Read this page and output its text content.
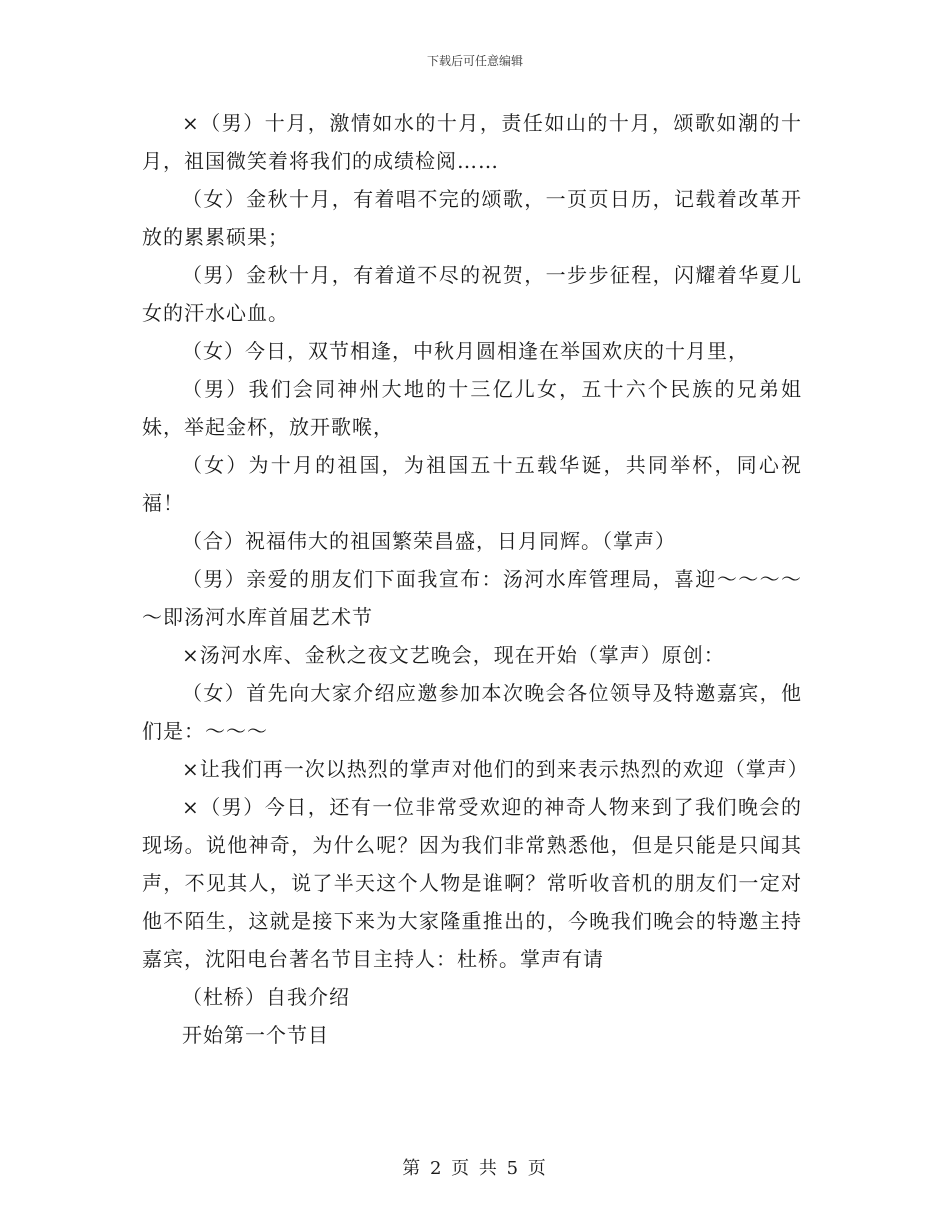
下载后可任意编辑

×（男）十月，激情如水的十月，责任如山的十月，颂歌如潮的十月，祖国微笑着将我们的成绩检阅……

（女）金秋十月，有着唱不完的颂歌，一页页日历，记载着改革开放的累累硕果；

（男）金秋十月，有着道不尽的祝贺，一步步征程，闪耀着华夏儿女的汗水心血。

（女）今日，双节相逢，中秋月圆相逢在举国欢庆的十月里，

（男）我们会同神州大地的十三亿儿女，五十六个民族的兄弟姐妹，举起金杯，放开歌喉，

（女）为十月的祖国，为祖国五十五载华诞，共同举杯，同心祝福！

（合）祝福伟大的祖国繁荣昌盛，日月同辉。（掌声）

（男）亲爱的朋友们下面我宣布：汤河水库管理局，喜迎～～～～～即汤河水库首届艺术节

×汤河水库、金秋之夜文艺晚会，现在开始（掌声）原创：

（女）首先向大家介绍应邀参加本次晚会各位领导及特邀嘉宾，他们是：～～～

×让我们再一次以热烈的掌声对他们的到来表示热烈的欢迎（掌声）

×（男）今日，还有一位非常受欢迎的神奇人物来到了我们晚会的现场。说他神奇，为什么呢？因为我们非常熟悉他，但是只能是只闻其声，不见其人，说了半天这个人物是谁啊？常听收音机的朋友们一定对他不陌生，这就是接下来为大家隆重推出的，今晚我们晚会的特邀主持嘉宾，沈阳电台著名节目主持人：杜桥。掌声有请

（杜桥）自我介绍

开始第一个节目

第 2 页 共 5 页
